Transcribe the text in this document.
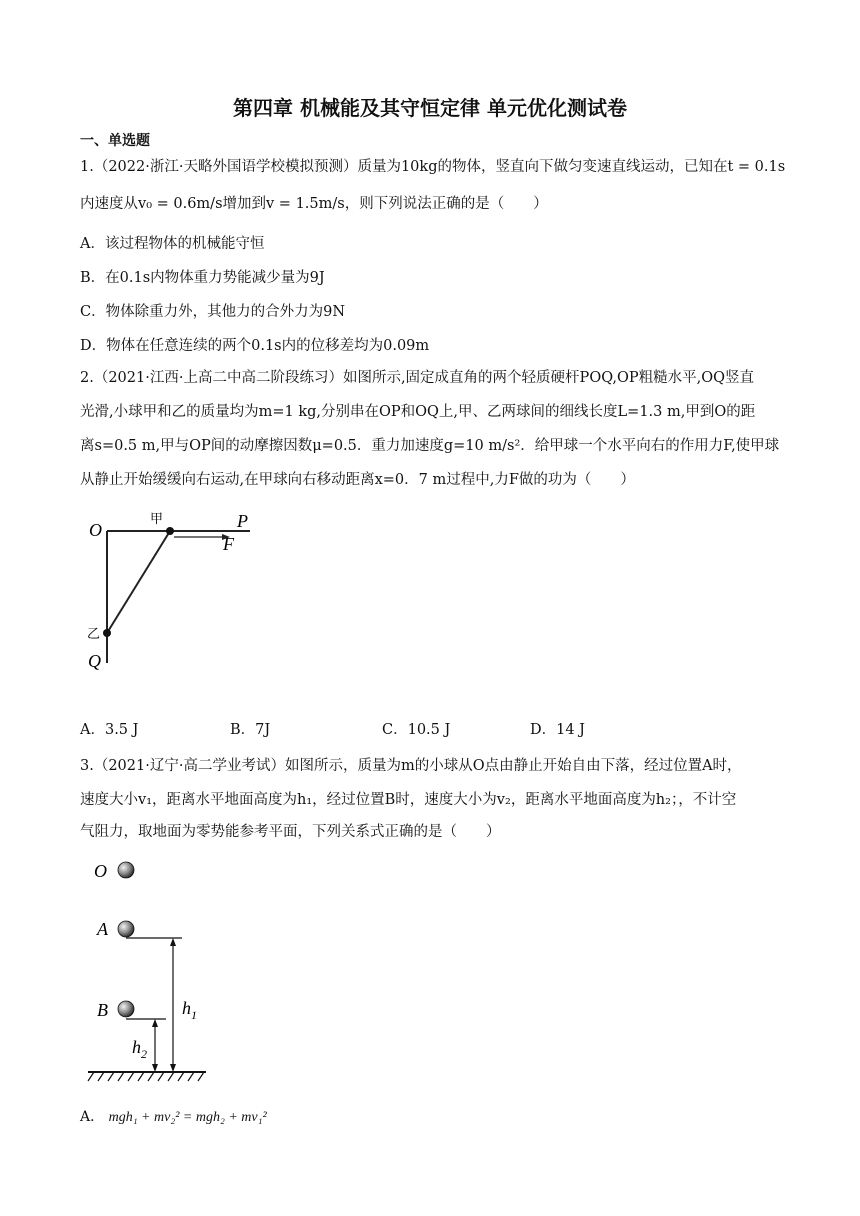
第四章 机械能及其守恒定律 单元优化测试卷
一、单选题
1.（2022·浙江·天略外国语学校模拟预测）质量为10kg的物体，竖直向下做匀变速直线运动，已知在t = 0.1s
内速度从v₀ = 0.6m/s增加到v = 1.5m/s，则下列说法正确的是（　　）
A．该过程物体的机械能守恒
B．在0.1s内物体重力势能减少量为9J
C．物体除重力外，其他力的合外力为9N
D．物体在任意连续的两个0.1s内的位移差均为0.09m
2.（2021·江西·上高二中高二阶段练习）如图所示,固定成直角的两个轻质硬杆POQ,OP粗糙水平,OQ竖直
光滑,小球甲和乙的质量均为m=1 kg,分别串在OP和OQ上,甲、乙两球间的细线长度L=1.3 m,甲到O的距
离s=0.5 m,甲与OP间的动摩擦因数μ=0.5．重力加速度g=10 m/s²．给甲球一个水平向右的作用力F,使甲球
从静止开始缓缓向右运动,在甲球向右移动距离x=0．7 m过程中,力F做的功为（　　）
O	P
F
甲
乙
Q
A．3.5 J	B．7J	C．10.5 J	D．14 J
3.（2021·辽宁·高二学业考试）如图所示，质量为m的小球从O点由静止开始自由下落，经过位置A时，
速度大小v₁，距离水平地面高度为h₁，经过位置B时，速度大小为v₂，距离水平地面高度为h₂；，不计空
气阻力，取地面为零势能参考平面，下列关系式正确的是（　　）
O
A
B	$h_1$
$h_2$
A． mgh₁ + mv₂² = mgh₂ + mv₁²
